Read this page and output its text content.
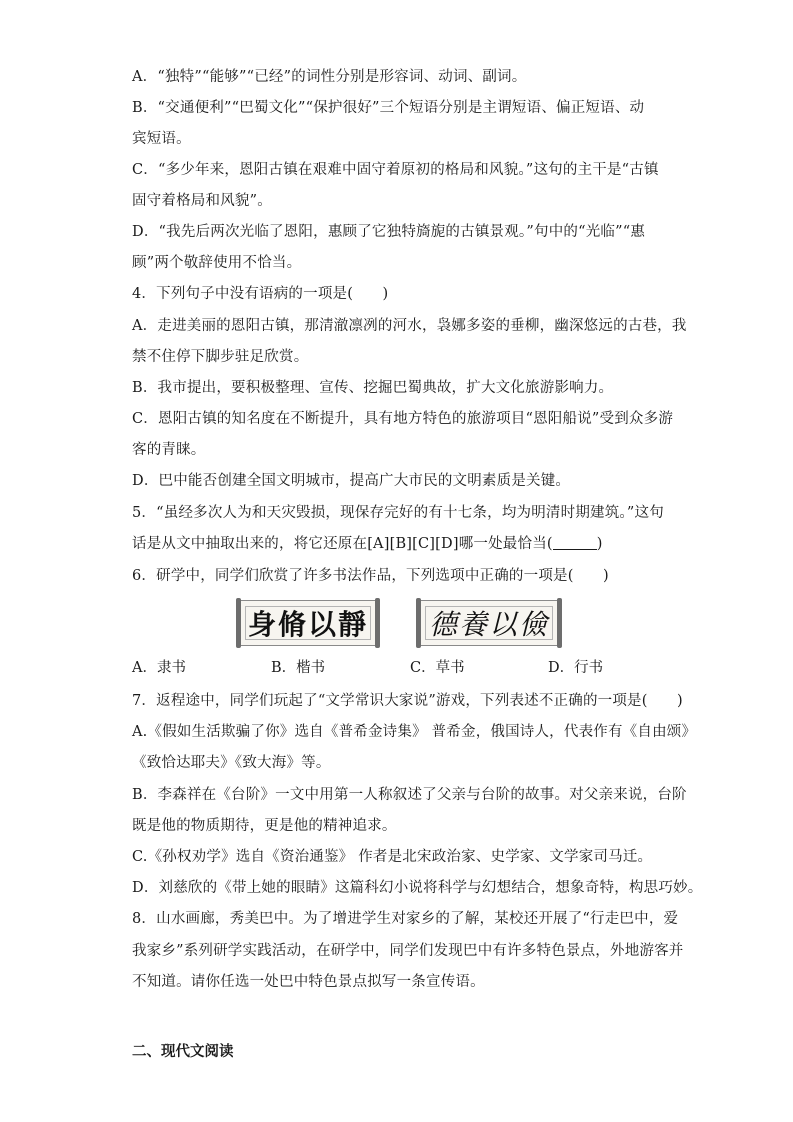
A．“独特”“能够”“已经”的词性分别是形容词、动词、副词。
B．“交通便利”“巴蜀文化”“保护很好”三个短语分别是主谓短语、偏正短语、动
宾短语。
C．“多少年来，恩阳古镇在艰难中固守着原初的格局和风貌。”这句的主干是“古镇
固守着格局和风貌”。
D．“我先后两次光临了恩阳，惠顾了它独特旖旎的古镇景观。”句中的“光临”“惠
顾”两个敬辞使用不恰当。
4．下列句子中没有语病的一项是(　　)
A．走进美丽的恩阳古镇，那清澈凛冽的河水，袅娜多姿的垂柳，幽深悠远的古巷，我
禁不住停下脚步驻足欣赏。
B．我市提出，要积极整理、宣传、挖掘巴蜀典故，扩大文化旅游影响力。
C．恩阳古镇的知名度在不断提升，具有地方特色的旅游项目“恩阳船说”受到众多游
客的青睐。
D．巴中能否创建全国文明城市，提高广大市民的文明素质是关键。
5．“虽经多次人为和天灾毁损，现保存完好的有十七条，均为明清时期建筑。”这句
6．研学中，同学们欣赏了许多书法作品，下列选项中正确的一项是(　　)
7．返程途中，同学们玩起了“文学常识大家说”游戏，下列表述不正确的一项是(　　)
A.《假如生活欺骗了你》选自《普希金诗集》 普希金，俄国诗人，代表作有《自由颂》
《致恰达耶夫》《致大海》等。
B．李森祥在《台阶》一文中用第一人称叙述了父亲与台阶的故事。对父亲来说，台阶
既是他的物质期待，更是他的精神追求。
C.《孙权劝学》选自《资治通鉴》 作者是北宋政治家、史学家、文学家司马迁。
D．刘慈欣的《带上她的眼睛》这篇科幻小说将科学与幻想结合，想象奇特，构思巧妙。
8．山水画廊，秀美巴中。为了增进学生对家乡的了解，某校还开展了“行走巴中，爱
我家乡”系列研学实践活动，在研学中，同学们发现巴中有许多特色景点，外地游客并
不知道。请你任选一处巴中特色景点拟写一条宣传语。
话是从文中抽取出来的，将它还原在[A][B][C][D]哪一处最恰当(	)
身脩以靜 德養以儉
A．隶书	B．楷书	C．草书	D．行书
二、现代文阅读
